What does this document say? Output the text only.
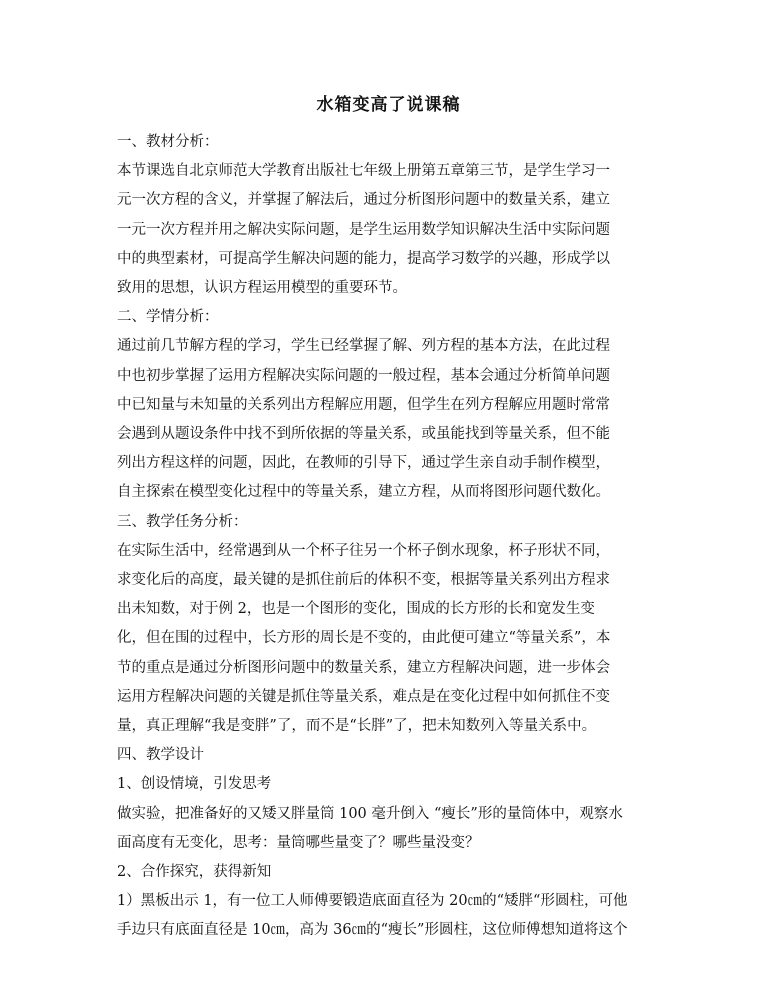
水箱变高了说课稿

一、教材分析：

本节课选自北京师范大学教育出版社七年级上册第五章第三节，是学生学习一

元一次方程的含义，并掌握了解法后，通过分析图形问题中的数量关系，建立

一元一次方程并用之解决实际问题，是学生运用数学知识解决生活中实际问题

中的典型素材，可提高学生解决问题的能力，提高学习数学的兴趣，形成学以

致用的思想，认识方程运用模型的重要环节。

二、学情分析：

通过前几节解方程的学习，学生已经掌握了解、列方程的基本方法，在此过程

中也初步掌握了运用方程解决实际问题的一般过程，基本会通过分析简单问题

中已知量与未知量的关系列出方程解应用题，但学生在列方程解应用题时常常

会遇到从题设条件中找不到所依据的等量关系，或虽能找到等量关系，但不能

列出方程这样的问题，因此，在教师的引导下，通过学生亲自动手制作模型，

自主探索在模型变化过程中的等量关系，建立方程，从而将图形问题代数化。

三、教学任务分析：

在实际生活中，经常遇到从一个杯子往另一个杯子倒水现象，杯子形状不同，

求变化后的高度，最关键的是抓住前后的体积不变，根据等量关系列出方程求

出未知数，对于例 2，也是一个图形的变化，围成的长方形的长和宽发生变

化，但在围的过程中，长方形的周长是不变的，由此便可建立“等量关系”，本

节的重点是通过分析图形问题中的数量关系，建立方程解决问题，进一步体会

运用方程解决问题的关键是抓住等量关系，难点是在变化过程中如何抓住不变

量，真正理解“我是变胖”了，而不是“长胖”了，把未知数列入等量关系中。

四、教学设计

1、创设情境，引发思考

做实验，把准备好的又矮又胖量筒 100 毫升倒入 “瘦长”形的量筒体中，观察水

面高度有无变化，思考：量筒哪些量变了？哪些量没变？

2、合作探究，获得新知

1）黑板出示 1，有一位工人师傅要锻造底面直径为 20㎝的“矮胖“形圆柱，可他

手边只有底面直径是 10㎝，高为 36㎝的“瘦长”形圆柱，这位师傅想知道将这个
